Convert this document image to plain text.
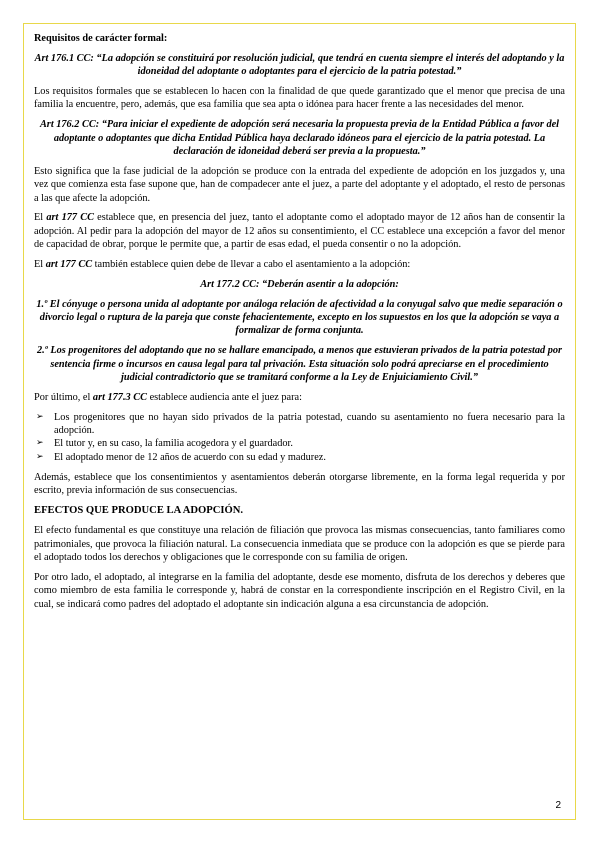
Requisitos de carácter formal:

Art 176.1 CC: “La adopción se constituirá por resolución judicial, que tendrá en cuenta siempre el interés del adoptando y la idoneidad del adoptante o adoptantes para el ejercicio de la patria potestad.”

Los requisitos formales que se establecen lo hacen con la finalidad de que quede garantizado que el menor que precisa de una familia la encuentre, pero, además, que esa familia que sea apta o idónea para hacer frente a las necesidades del menor.

Art 176.2 CC: “Para iniciar el expediente de adopción será necesaria la propuesta previa de la Entidad Pública a favor del adoptante o adoptantes que dicha Entidad Pública haya declarado idóneos para el ejercicio de la patria potestad. La declaración de idoneidad deberá ser previa a la propuesta.”

Esto significa que la fase judicial de la adopción se produce con la entrada del expediente de adopción en los juzgados y, una vez que comienza esta fase supone que, han de compadecer ante el juez, a parte del adoptante y el adoptado, el resto de personas a las que afecte la adopción.

El art 177 CC establece que, en presencia del juez, tanto el adoptante como el adoptado mayor de 12 años han de consentir la adopción. Al pedir para la adopción del mayor de 12 años su consentimiento, el CC establece una excepción a favor del menor de capacidad de obrar, porque le permite que, a partir de esas edad, el pueda consentir o no la adopción.

El art 177 CC también establece quien debe de llevar a cabo el asentamiento a la adopción:

Art 177.2 CC: “Deberán asentir a la adopción:

1.º El cónyuge o persona unida al adoptante por análoga relación de afectividad a la conyugal salvo que medie separación o divorcio legal o ruptura de la pareja que conste fehacientemente, excepto en los supuestos en los que la adopción se vaya a formalizar de forma conjunta.

2.º Los progenitores del adoptando que no se hallare emancipado, a menos que estuvieran privados de la patria potestad por sentencia firme o incursos en causa legal para tal privación. Esta situación solo podrá apreciarse en el procedimiento judicial contradictorio que se tramitará conforme a la Ley de Enjuiciamiento Civil.”

Por último, el art 177.3 CC establece audiencia ante el juez para:

➢ Los progenitores que no hayan sido privados de la patria potestad, cuando su asentamiento no fuera necesario para la adopción.
➢ El tutor y, en su caso, la familia acogedora y el guardador.
➢ El adoptado menor de 12 años de acuerdo con su edad y madurez.

Además, establece que los consentimientos y asentamientos deberán otorgarse libremente, en la forma legal requerida y por escrito, previa información de sus consecuencias.

EFECTOS QUE PRODUCE LA ADOPCIÓN.

El efecto fundamental es que constituye una relación de filiación que provoca las mismas consecuencias, tanto familiares como patrimoniales, que provoca la filiación natural. La consecuencia inmediata que se produce con la adopción es que se pierde para el adoptado todos los derechos y obligaciones que le corresponde con su familia de origen.

Por otro lado, el adoptado, al integrarse en la familia del adoptante, desde ese momento, disfruta de los derechos y deberes que como miembro de esta familia le corresponde y, habrá de constar en la correspondiente inscripción en el Registro Civil, en la cual, se indicará como padres del adoptado el adoptante sin indicación alguna a esa circunstancia de adopción.

2
